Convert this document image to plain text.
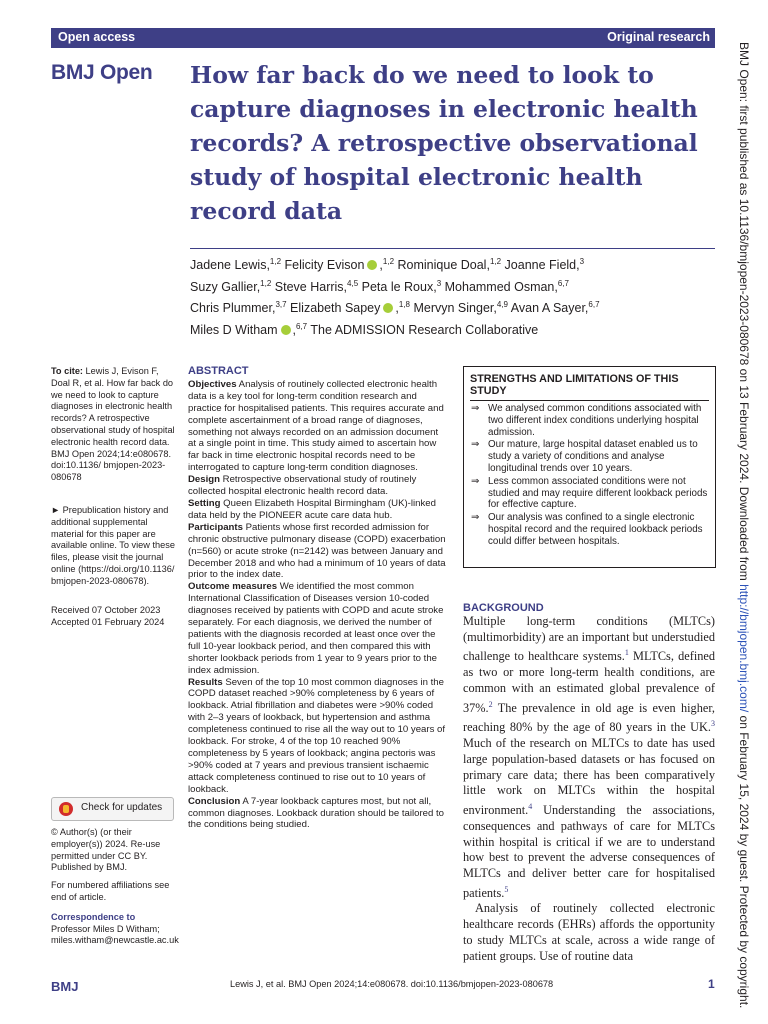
Open access	Original research
BMJ Open How far back do we need to look to capture diagnoses in electronic health records? A retrospective observational study of hospital electronic health record data
Jadene Lewis,$^{1,2}$ Felicity Evison ,$^{1,2}$ Rominique Doal,$^{1,2}$ Joanne Field,$^3$
Suzy Gallier,$^{1,2}$ Steve Harris,$^{4,5}$ Peta le Roux,$^3$ Mohammed Osman,$^{6,7}$
Chris Plummer,$^{3,7}$ Elizabeth Sapey ,$^{1,8}$ Mervyn Singer,$^{4,9}$ Avan A Sayer,$^{6,7}$
Miles D Witham ,$^{6,7}$ The ADMISSION Research Collaborative

To cite: Lewis J, Evison F, Doal R, et al. How far back do we need to look to capture diagnoses in electronic health records? A retrospective observational study of hospital electronic health record data. BMJ Open 2024;14:e080678. doi:10.1136/ bmjopen-2023-080678

► Prepublication history and additional supplemental material for this paper are available online. To view these files, please visit the journal online (https://doi.org/10.1136/ bmjopen-2023-080678).

Received 07 October 2023

Accepted 01 February 2024

Check for updates

© Author(s) (or their employer(s)) 2024. Re-use permitted under CC BY. Published by BMJ.

For numbered affiliations see end of article.

Correspondence to

Professor Miles D Witham;

miles.witham@newcastle.ac.uk

ABSTRACT

Objectives Analysis of routinely collected electronic health data is a key tool for long-term condition research and practice for hospitalised patients. This requires accurate and complete ascertainment of a broad range of diagnoses, something not always recorded on an admission document at a single point in time. This study aimed to ascertain how far back in time electronic hospital records need to be interrogated to capture long-term condition diagnoses.

Design Retrospective observational study of routinely collected hospital electronic health record data.

Setting Queen Elizabeth Hospital Birmingham (UK)-linked data held by the PIONEER acute care data hub.

Participants Patients whose first recorded admission for chronic obstructive pulmonary disease (COPD) exacerbation (n=560) or acute stroke (n=2142) was between January and December 2018 and who had a minimum of 10 years of data prior to the index date.

Outcome measures We identified the most common International Classification of Diseases version 10-coded diagnoses received by patients with COPD and acute stroke separately. For each diagnosis, we derived the number of patients with the diagnosis recorded at least once over the full 10-year lookback period, and then compared this with shorter lookback periods from 1 year to 9 years prior to the index admission.

Results Seven of the top 10 most common diagnoses in the COPD dataset reached >90% completeness by 6 years of lookback. Atrial fibrillation and diabetes were >90% coded with 2–3 years of lookback, but hypertension and asthma completeness continued to rise all the way out to 10 years of lookback. For stroke, 4 of the top 10 reached 90% completeness by 5 years of lookback; angina pectoris was >90% coded at 7 years and previous transient ischaemic attack completeness continued to rise out to 10 years of lookback.

Conclusion A 7-year lookback captures most, but not all, common diagnoses. Lookback duration should be tailored to the conditions being studied.

STRENGTHS AND LIMITATIONS OF THIS STUDY
⇒ We analysed common conditions associated with two different index conditions underlying hospital admission.
⇒ Our mature, large hospital dataset enabled us to study a variety of conditions and analyse longitudinal trends over 10 years.
⇒ Less common associated conditions were not studied and may require different lookback periods for effective capture.
⇒ Our analysis was confined to a single electronic hospital record and the required lookback periods could differ between hospitals.
BACKGROUND

Multiple long-term conditions (MLTCs) (multimorbidity) are an important but understudied challenge to healthcare systems.$^1$ MLTCs, defined as two or more long-term health conditions, are common with an estimated global prevalence of 37%.$^2$ The prevalence in old age is even higher, reaching 80% by the age of 80 years in the UK.$^3$ Much of the research on MLTCs to date has used large population-based datasets or has focused on primary care data; there has been comparatively little work on MLTCs within the hospital environment.$^4$ Understanding the associations, consequences and pathways of care for MLTCs within hospital is critical if we are to understand how best to prevent the adverse consequences of MLTCs and deliver better care for hospitalised patients.$^5$

Analysis of routinely collected electronic healthcare records (EHRs) affords the opportunity to study MLTCs at scale, across a wide range of patient groups. Use of routine data

BMJ Open: first published as 10.1136/bmjopen-2023-080678 on 13 February 2024. Downloaded from http://bmjopen.bmj.com/ on February 15, 2024 by guest. Protected by copyright.
BMJ	Lewis J, et al. BMJ Open 2024;14:e080678. doi:10.1136/bmjopen-2023-080678	1
